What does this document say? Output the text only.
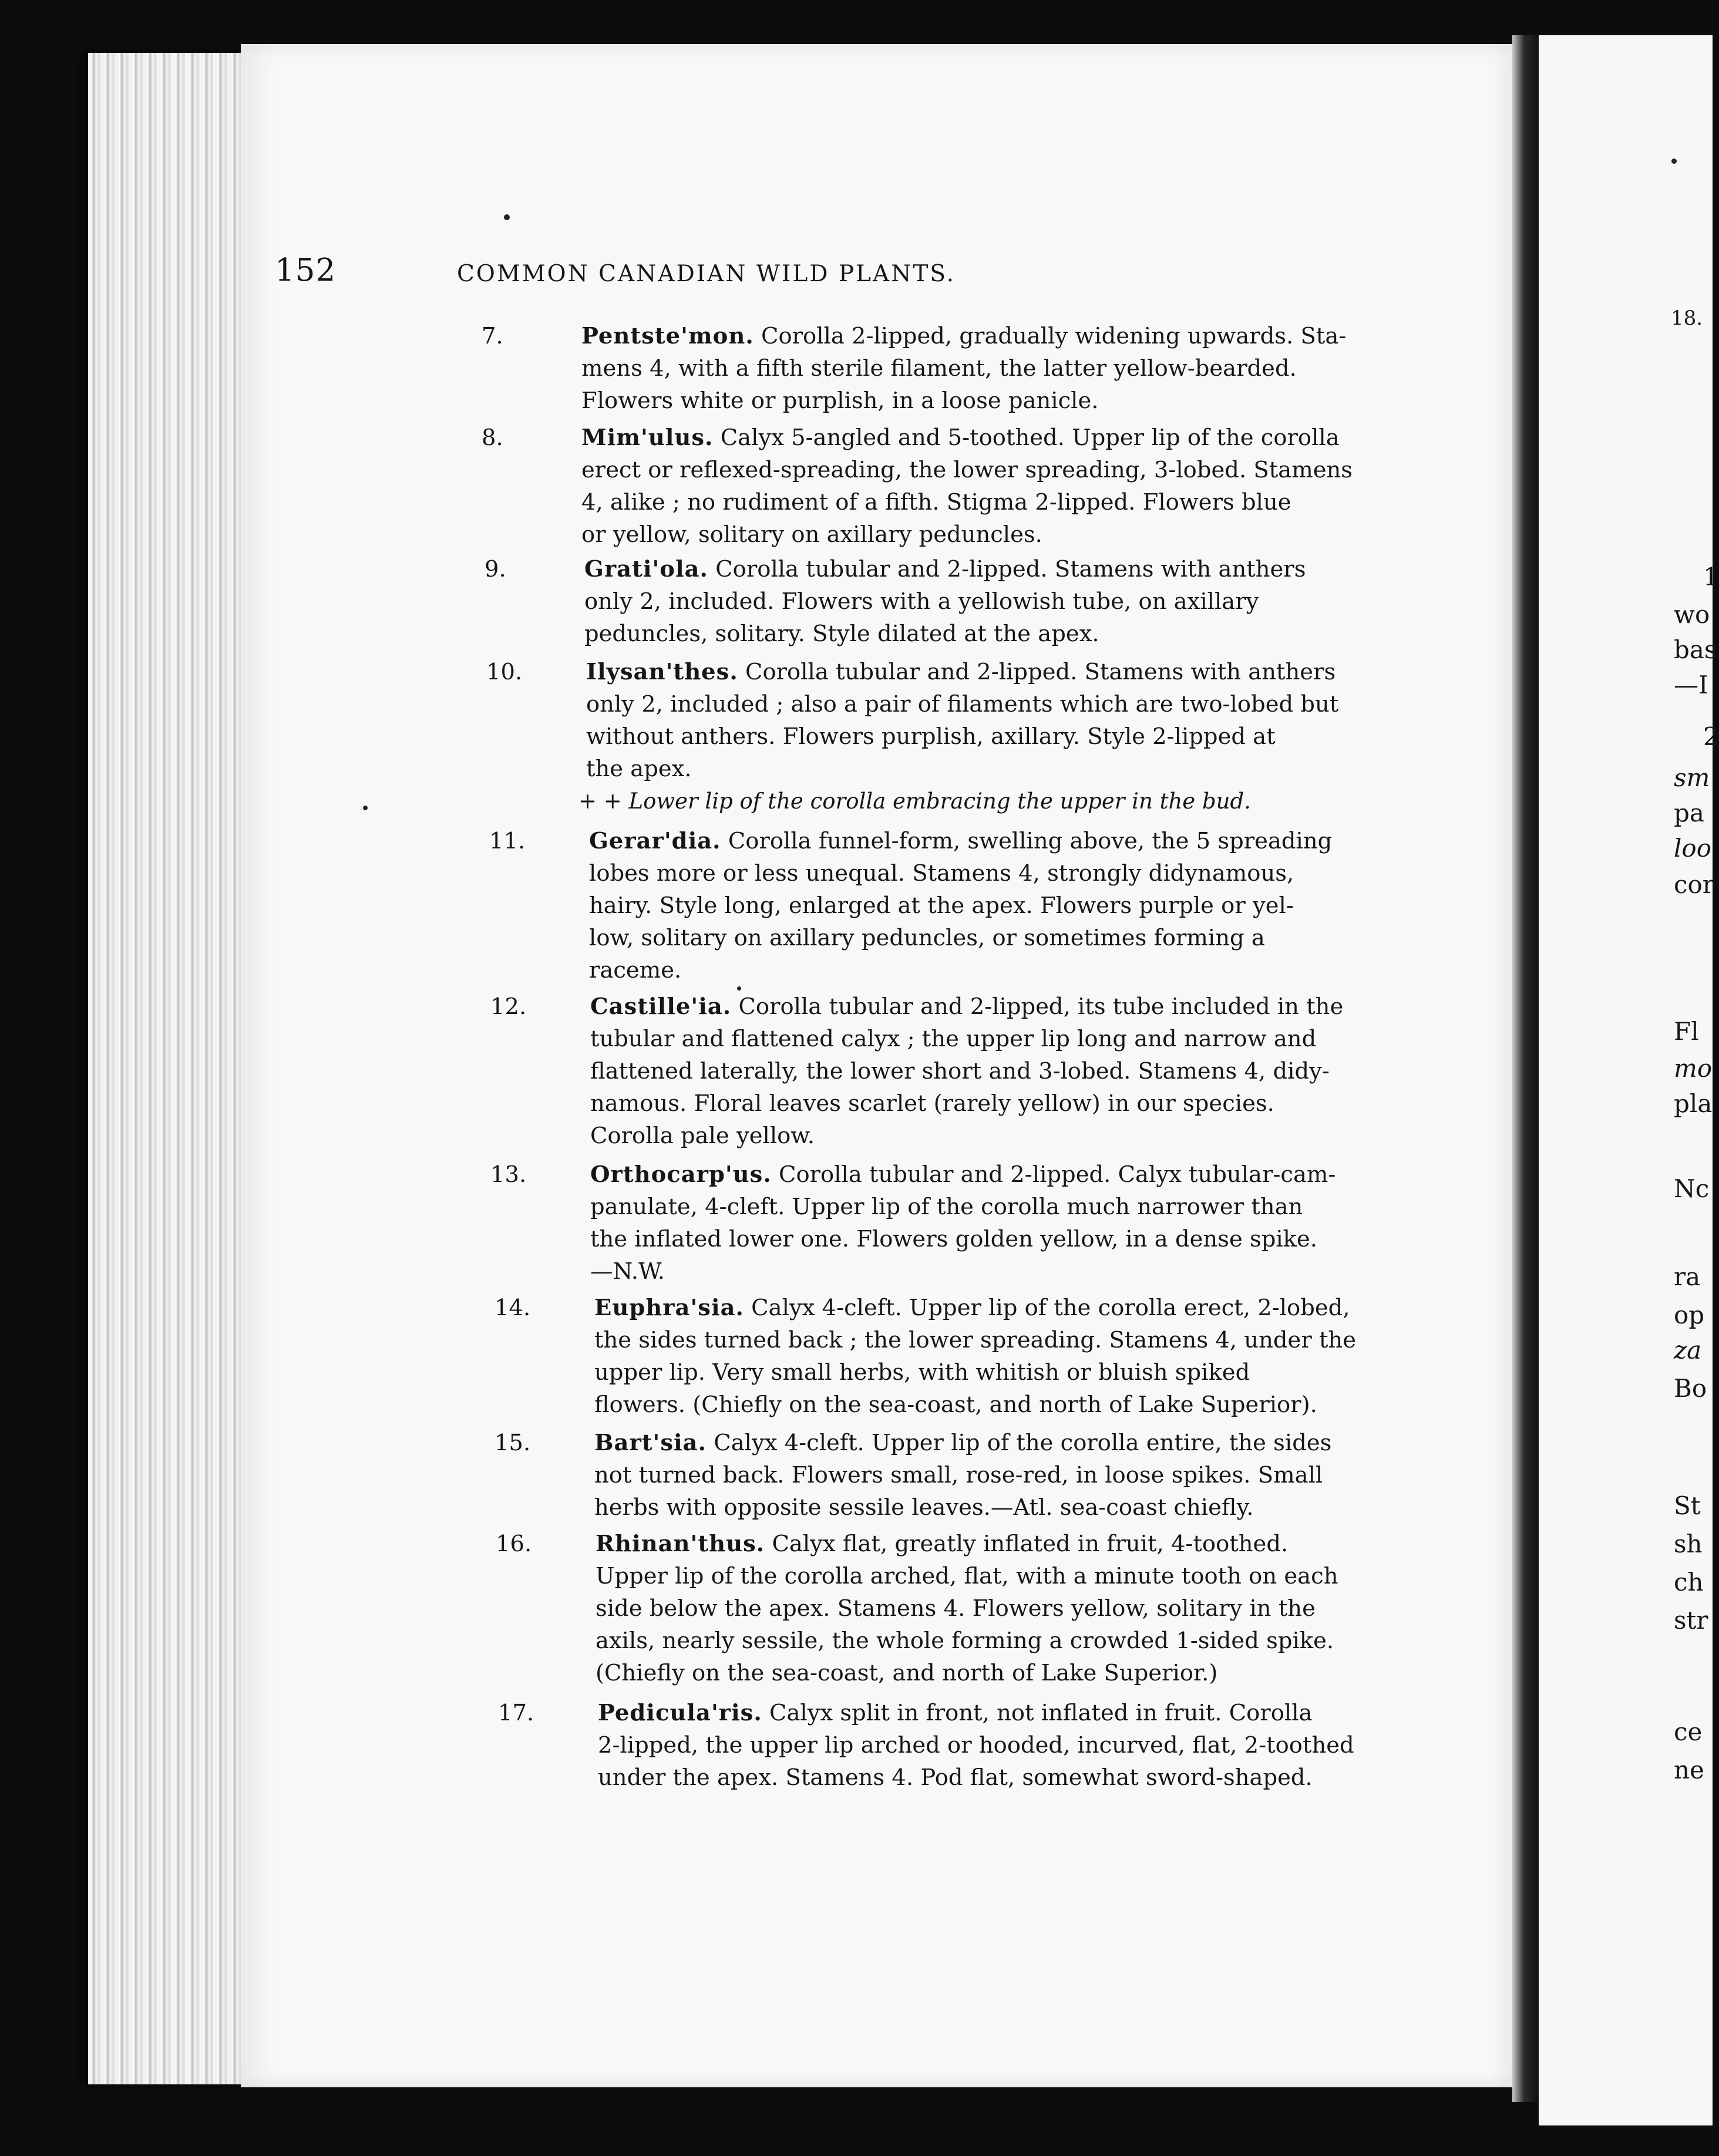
18.
1
wo
bas
—I
2
sm
pa
loo
cor
Fl
mo
pla
Nc
ra
op
za
Bo
St
sh
ch
str
ce
ne
152	COMMON CANADIAN WILD PLANTS.
+ + Lower lip of the corolla embracing the upper in the bud.
7.	Pentste'mon. Corolla 2-lipped, gradually widening upwards. Sta-
mens 4, with a fifth sterile filament, the latter yellow-bearded.
Flowers white or purplish, in a loose panicle.
8.	Mim'ulus. Calyx 5-angled and 5-toothed. Upper lip of the corolla
erect or reflexed-spreading, the lower spreading, 3-lobed. Stamens
4, alike ; no rudiment of a fifth. Stigma 2-lipped. Flowers blue
or yellow, solitary on axillary peduncles.
9.	Grati'ola. Corolla tubular and 2-lipped. Stamens with anthers
only 2, included. Flowers with a yellowish tube, on axillary
peduncles, solitary. Style dilated at the apex.
10.	Ilysan'thes. Corolla tubular and 2-lipped. Stamens with anthers
only 2, included ; also a pair of filaments which are two-lobed but
without anthers. Flowers purplish, axillary. Style 2-lipped at
the apex.
11.	Gerar'dia. Corolla funnel-form, swelling above, the 5 spreading
lobes more or less unequal. Stamens 4, strongly didynamous,
hairy. Style long, enlarged at the apex. Flowers purple or yel-
low, solitary on axillary peduncles, or sometimes forming a
raceme.
12.	Castille'ia. Corolla tubular and 2-lipped, its tube included in the
tubular and flattened calyx ; the upper lip long and narrow and
flattened laterally, the lower short and 3-lobed. Stamens 4, didy-
namous. Floral leaves scarlet (rarely yellow) in our species.
Corolla pale yellow.
13.	Orthocarp'us. Corolla tubular and 2-lipped. Calyx tubular-cam-
panulate, 4-cleft. Upper lip of the corolla much narrower than
the inflated lower one. Flowers golden yellow, in a dense spike.
—N.W.
14.	Euphra'sia. Calyx 4-cleft. Upper lip of the corolla erect, 2-lobed,
the sides turned back ; the lower spreading. Stamens 4, under the
upper lip. Very small herbs, with whitish or bluish spiked
flowers. (Chiefly on the sea-coast, and north of Lake Superior).
15.	Bart'sia. Calyx 4-cleft. Upper lip of the corolla entire, the sides
not turned back. Flowers small, rose-red, in loose spikes. Small
herbs with opposite sessile leaves.—Atl. sea-coast chiefly.
16.	Rhinan'thus. Calyx flat, greatly inflated in fruit, 4-toothed.
Upper lip of the corolla arched, flat, with a minute tooth on each
side below the apex. Stamens 4. Flowers yellow, solitary in the
axils, nearly sessile, the whole forming a crowded 1-sided spike.
(Chiefly on the sea-coast, and north of Lake Superior.)
17.	Pedicula'ris. Calyx split in front, not inflated in fruit. Corolla
2-lipped, the upper lip arched or hooded, incurved, flat, 2-toothed
under the apex. Stamens 4. Pod flat, somewhat sword-shaped.
